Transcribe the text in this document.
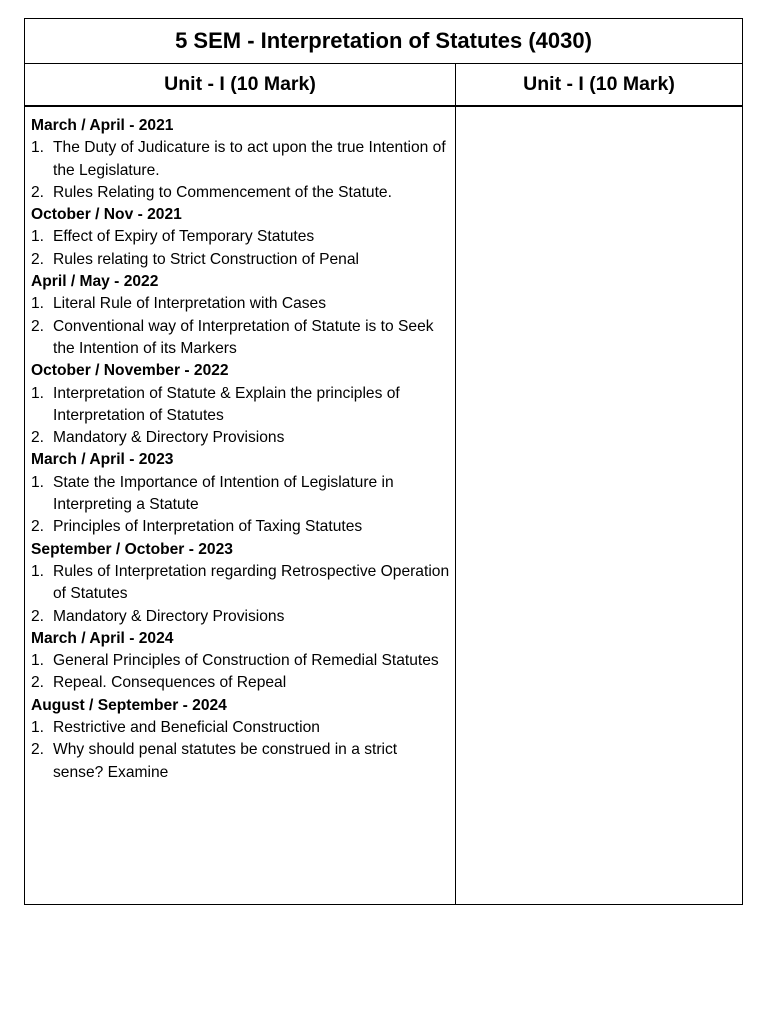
5 SEM - Interpretation of Statutes (4030)
Unit - I (10 Mark)	Unit - I (10 Mark)
March / April - 2021
1. The Duty of Judicature is to act upon the true Intention of the Legislature.
2. Rules Relating to Commencement of the Statute.
October / Nov - 2021
1. Effect of Expiry of Temporary Statutes
2. Rules relating to Strict Construction of Penal
April / May - 2022
1. Literal Rule of Interpretation with Cases
2. Conventional way of Interpretation of Statute is to Seek the Intention of its Markers
October / November - 2022
1. Interpretation of Statute & Explain the principles of Interpretation of Statutes
2. Mandatory & Directory Provisions
March / April - 2023
1. State the Importance of Intention of Legislature in Interpreting a Statute
2. Principles of Interpretation of Taxing Statutes
September / October - 2023
1. Rules of Interpretation regarding Retrospective Operation of Statutes
2. Mandatory & Directory Provisions
March / April - 2024
1. General Principles of Construction of Remedial Statutes
2. Repeal. Consequences of Repeal
August / September - 2024
1. Restrictive and Beneficial Construction
2. Why should penal statutes be construed in a strict sense? Examine
